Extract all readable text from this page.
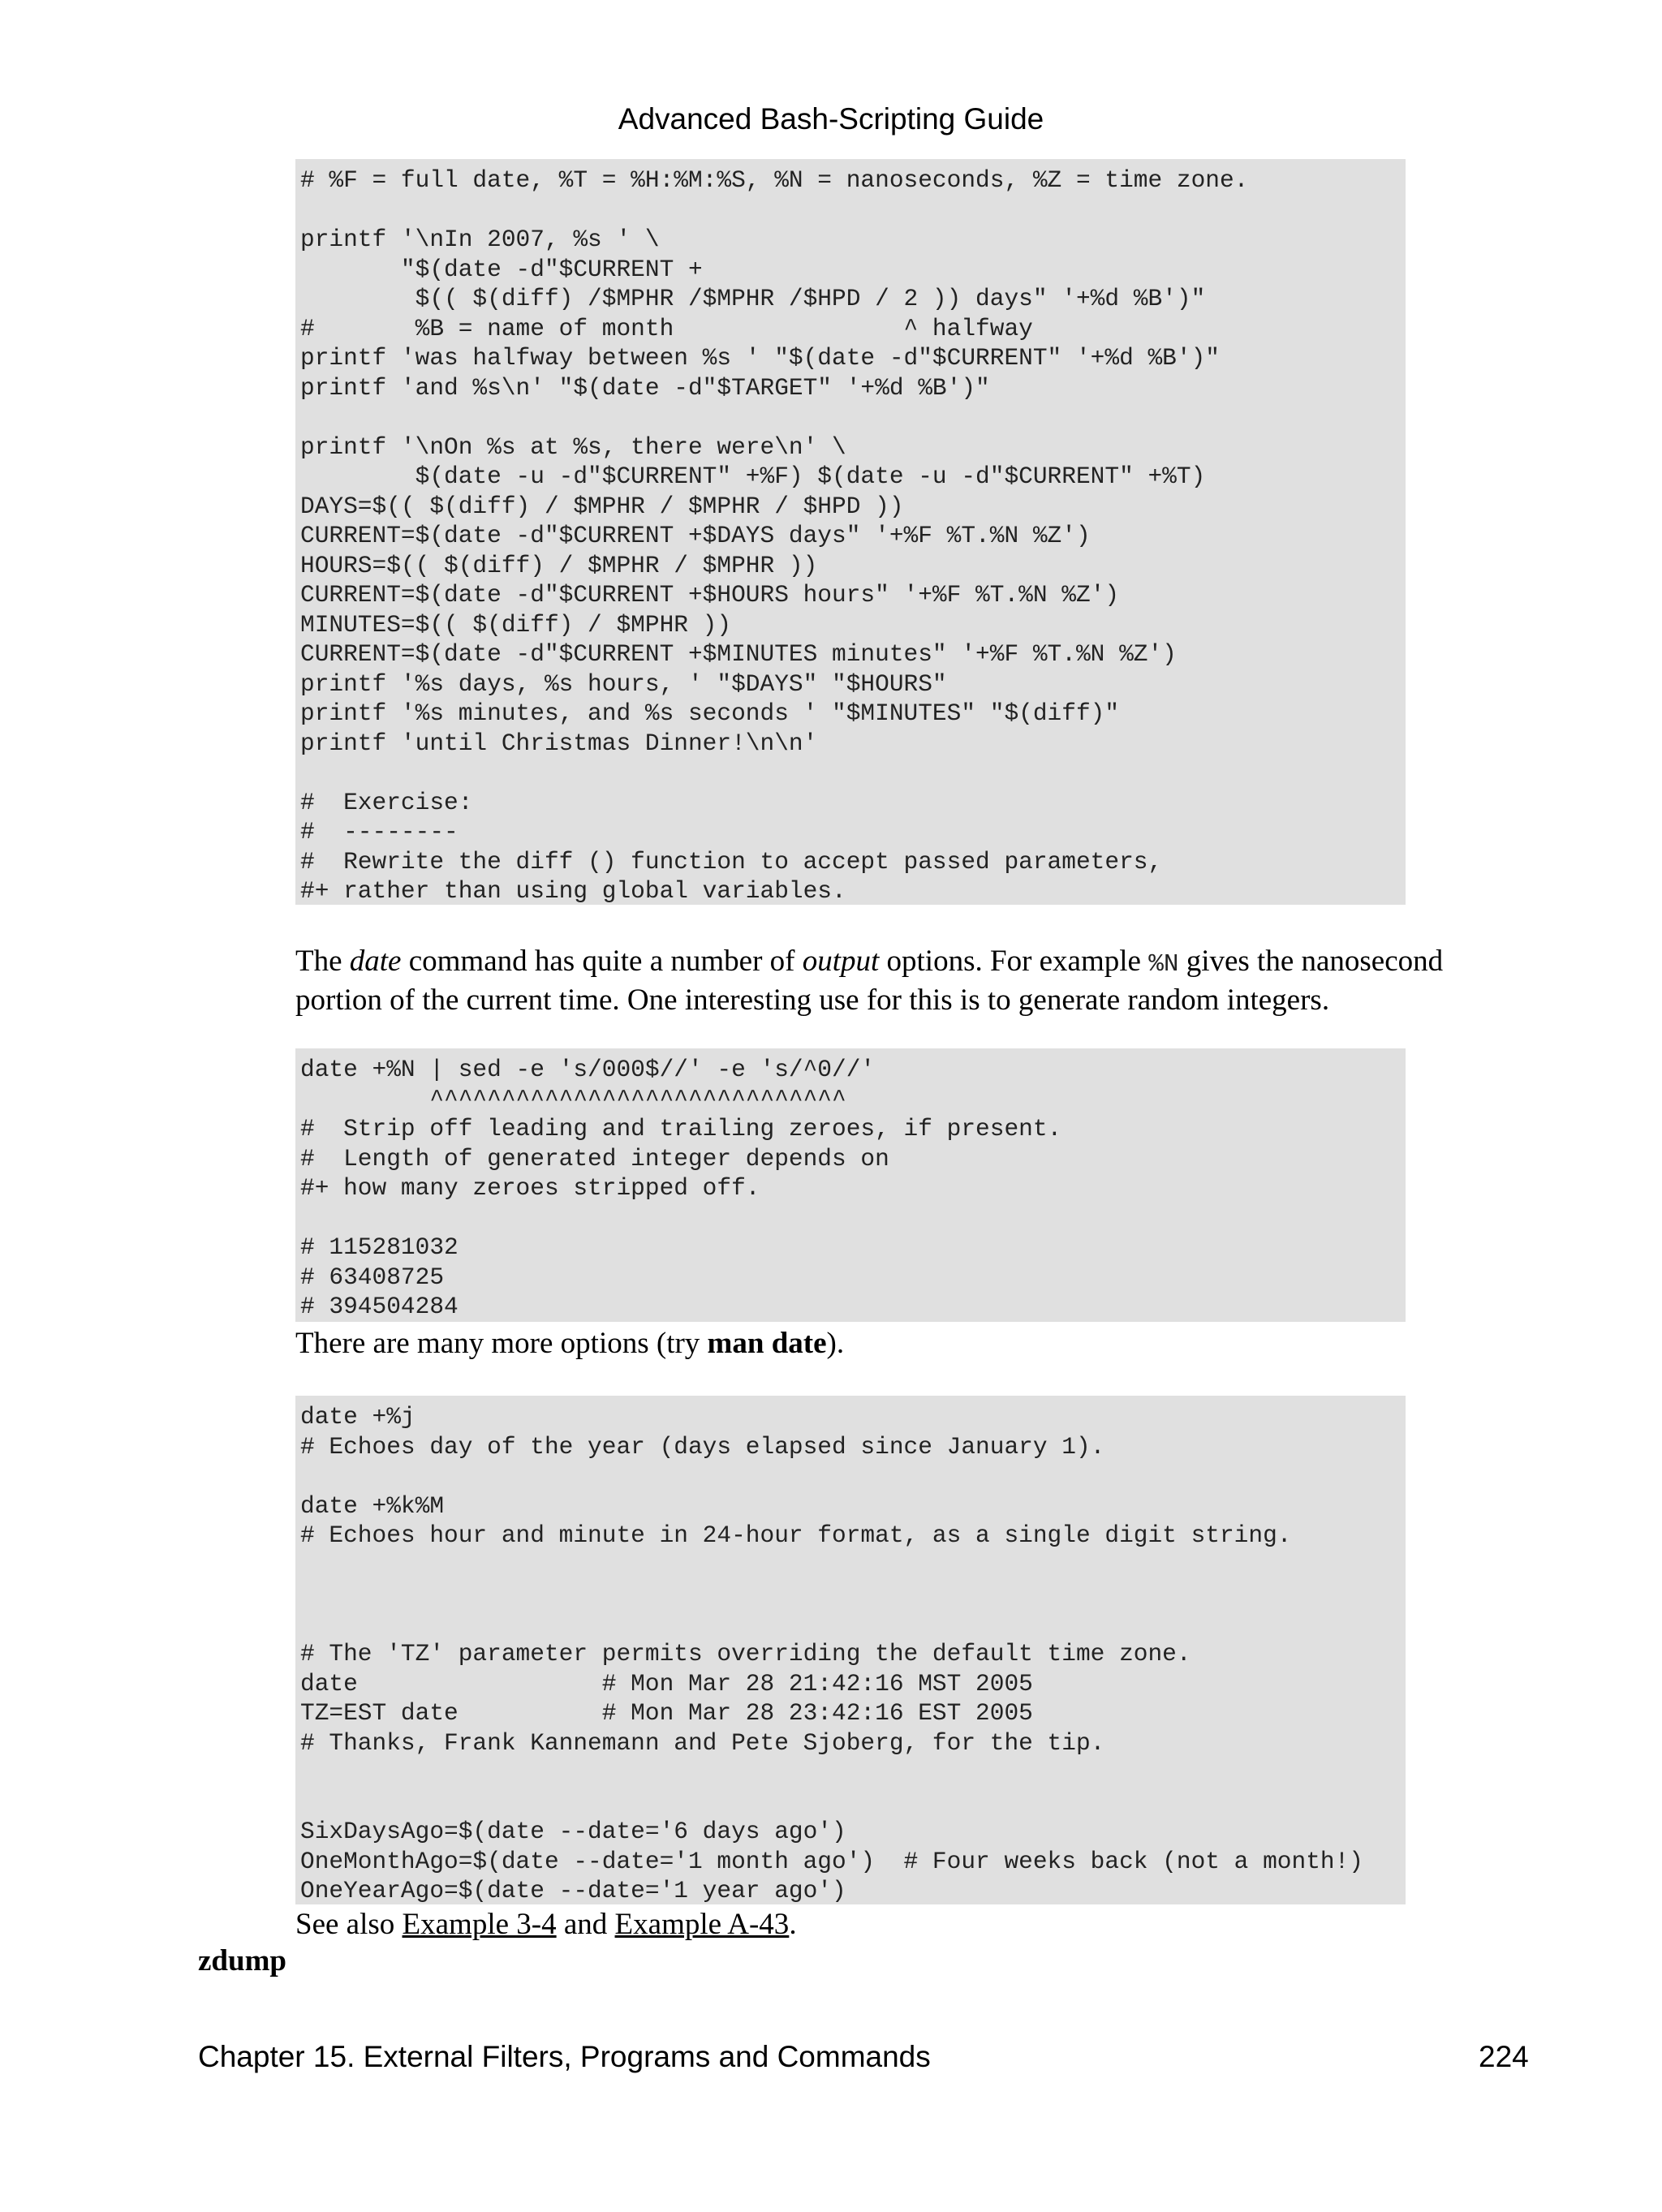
Advanced Bash-Scripting Guide
# %F = full date, %T = %H:%M:%S, %N = nanoseconds, %Z = time zone.

printf '\nIn 2007, %s ' \
"$(date -d"$CURRENT +
$(( $(diff) /$MPHR /$MPHR /$HPD / 2 )) days" '+%d %B')"
#       %B = name of month                ^ halfway
printf 'was halfway between %s ' "$(date -d"$CURRENT" '+%d %B')"
printf 'and %s\n' "$(date -d"$TARGET" '+%d %B')"

printf '\nOn %s at %s, there were\n' \
$(date -u -d"$CURRENT" +%F) $(date -u -d"$CURRENT" +%T)
DAYS=$(( $(diff) / $MPHR / $MPHR / $HPD ))
CURRENT=$(date -d"$CURRENT +$DAYS days" '+%F %T.%N %Z')
HOURS=$(( $(diff) / $MPHR / $MPHR ))
CURRENT=$(date -d"$CURRENT +$HOURS hours" '+%F %T.%N %Z')
MINUTES=$(( $(diff) / $MPHR ))
CURRENT=$(date -d"$CURRENT +$MINUTES minutes" '+%F %T.%N %Z')
printf '%s days, %s hours, ' "$DAYS" "$HOURS"
printf '%s minutes, and %s seconds ' "$MINUTES" "$(diff)"
printf 'until Christmas Dinner!\n\n'

#  Exercise:
#  --------
#  Rewrite the diff () function to accept passed parameters,
#+ rather than using global variables.

The date command has quite a number of output options. For example %N gives the nanosecond portion of the current time. One interesting use for this is to generate random integers.

date +%N | sed -e 's/000$//' -e 's/^0//'
^^^^^^^^^^^^^^^^^^^^^^^^^^^^^
#  Strip off leading and trailing zeroes, if present.
#  Length of generated integer depends on
#+ how many zeroes stripped off.

# 115281032
# 63408725
# 394504284

There are many more options (try man date).

date +%j
# Echoes day of the year (days elapsed since January 1).

date +%k%M
# Echoes hour and minute in 24-hour format, as a single digit string.

# The 'TZ' parameter permits overriding the default time zone.
date                 # Mon Mar 28 21:42:16 MST 2005
TZ=EST date          # Mon Mar 28 23:42:16 EST 2005
# Thanks, Frank Kannemann and Pete Sjoberg, for the tip.

SixDaysAgo=$(date --date='6 days ago')
OneMonthAgo=$(date --date='1 month ago')  # Four weeks back (not a month!)
OneYearAgo=$(date --date='1 year ago')

See also Example 3-4 and Example A-43.

zdump
Chapter 15. External Filters, Programs and Commands	224
